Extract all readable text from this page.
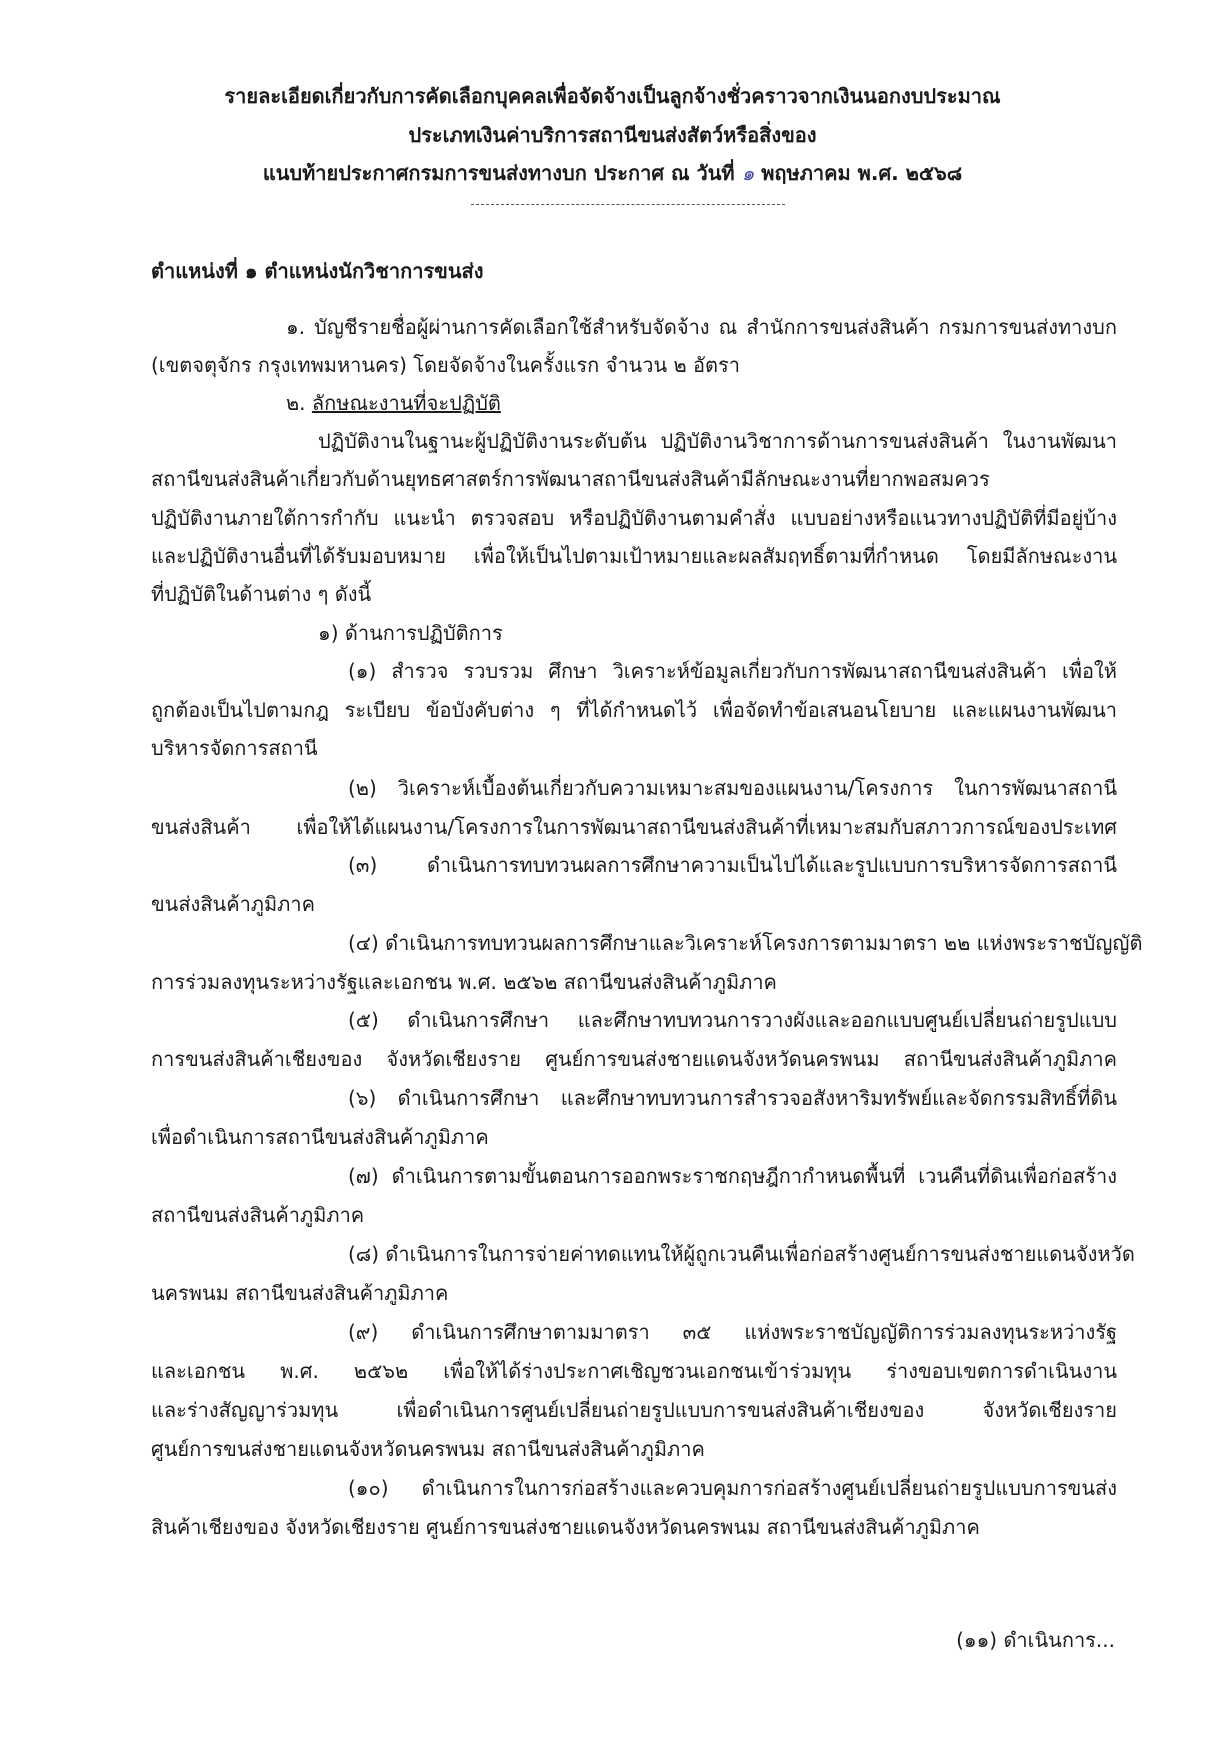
รายละเอียดเกี่ยวกับการคัดเลือกบุคคลเพื่อจัดจ้างเป็นลูกจ้างชั่วคราวจากเงินนอกงบประมาณ
ประเภทเงินค่าบริการสถานีขนส่งสัตว์หรือสิ่งของ
แนบท้ายประกาศกรมการขนส่งทางบก ประกาศ ณ วันที่ ๑ พฤษภาคม พ.ศ. ๒๕๖๘
ตำแหน่งที่ ๑ ตำแหน่งนักวิชาการขนส่ง
๑. บัญชีรายชื่อผู้ผ่านการคัดเลือกใช้สำหรับจัดจ้าง ณ สำนักการขนส่งสินค้า กรมการขนส่งทางบก
(เขตจตุจักร กรุงเทพมหานคร) โดยจัดจ้างในครั้งแรก จำนวน ๒ อัตรา
๒. ลักษณะงานที่จะปฏิบัติ
ปฏิบัติงานในฐานะผู้ปฏิบัติงานระดับต้น ปฏิบัติงานวิชาการด้านการขนส่งสินค้า ในงานพัฒนา
สถานีขนส่งสินค้าเกี่ยวกับด้านยุทธศาสตร์การพัฒนาสถานีขนส่งสินค้ามีลักษณะงานที่ยากพอสมควร
ปฏิบัติงานภายใต้การกำกับ แนะนำ ตรวจสอบ หรือปฏิบัติงานตามคำสั่ง แบบอย่างหรือแนวทางปฏิบัติที่มีอยู่บ้าง
และปฏิบัติงานอื่นที่ได้รับมอบหมาย เพื่อให้เป็นไปตามเป้าหมายและผลสัมฤทธิ์ตามที่กำหนด โดยมีลักษณะงาน
ที่ปฏิบัติในด้านต่าง ๆ ดังนี้
๑) ด้านการปฏิบัติการ
(๑) สำรวจ รวบรวม ศึกษา วิเคราะห์ข้อมูลเกี่ยวกับการพัฒนาสถานีขนส่งสินค้า เพื่อให้
ถูกต้องเป็นไปตามกฎ ระเบียบ ข้อบังคับต่าง ๆ ที่ได้กำหนดไว้ เพื่อจัดทำข้อเสนอนโยบาย และแผนงานพัฒนา
บริหารจัดการสถานี
(๒) วิเคราะห์เบื้องต้นเกี่ยวกับความเหมาะสมของแผนงาน/โครงการ ในการพัฒนาสถานี
ขนส่งสินค้า เพื่อให้ได้แผนงาน/โครงการในการพัฒนาสถานีขนส่งสินค้าที่เหมาะสมกับสภาวการณ์ของประเทศ
(๓) ดำเนินการทบทวนผลการศึกษาความเป็นไปได้และรูปแบบการบริหารจัดการสถานี
ขนส่งสินค้าภูมิภาค
(๔) ดำเนินการทบทวนผลการศึกษาและวิเคราะห์โครงการตามมาตรา ๒๒ แห่งพระราชบัญญัติ
การร่วมลงทุนระหว่างรัฐและเอกชน พ.ศ. ๒๕๖๒ สถานีขนส่งสินค้าภูมิภาค
(๕) ดำเนินการศึกษา และศึกษาทบทวนการวางผังและออกแบบศูนย์เปลี่ยนถ่ายรูปแบบ
การขนส่งสินค้าเชียงของ จังหวัดเชียงราย ศูนย์การขนส่งชายแดนจังหวัดนครพนม สถานีขนส่งสินค้าภูมิภาค
(๖) ดำเนินการศึกษา และศึกษาทบทวนการสำรวจอสังหาริมทรัพย์และจัดกรรมสิทธิ์ที่ดิน
เพื่อดำเนินการสถานีขนส่งสินค้าภูมิภาค
(๗) ดำเนินการตามขั้นตอนการออกพระราชกฤษฎีกากำหนดพื้นที่ เวนคืนที่ดินเพื่อก่อสร้าง
สถานีขนส่งสินค้าภูมิภาค
(๘) ดำเนินการในการจ่ายค่าทดแทนให้ผู้ถูกเวนคืนเพื่อก่อสร้างศูนย์การขนส่งชายแดนจังหวัด
นครพนม สถานีขนส่งสินค้าภูมิภาค
(๙) ดำเนินการศึกษาตามมาตรา ๓๕ แห่งพระราชบัญญัติการร่วมลงทุนระหว่างรัฐ
และเอกชน พ.ศ. ๒๕๖๒ เพื่อให้ได้ร่างประกาศเชิญชวนเอกชนเข้าร่วมทุน ร่างขอบเขตการดำเนินงาน
และร่างสัญญาร่วมทุน เพื่อดำเนินการศูนย์เปลี่ยนถ่ายรูปแบบการขนส่งสินค้าเชียงของ จังหวัดเชียงราย
ศูนย์การขนส่งชายแดนจังหวัดนครพนม สถานีขนส่งสินค้าภูมิภาค
(๑๐) ดำเนินการในการก่อสร้างและควบคุมการก่อสร้างศูนย์เปลี่ยนถ่ายรูปแบบการขนส่ง
สินค้าเชียงของ จังหวัดเชียงราย ศูนย์การขนส่งชายแดนจังหวัดนครพนม สถานีขนส่งสินค้าภูมิภาค
(๑๑) ดำเนินการ...
